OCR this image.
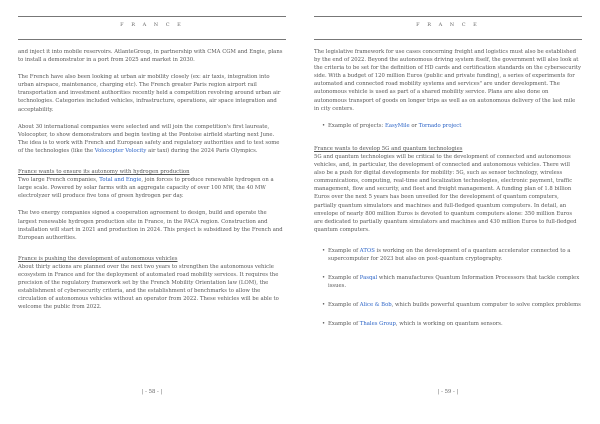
F R A N C E

and inject it into mobile reservoirs. AtlanteGroup, in partnership with CMA CGM and Engie, plans to install a demonstrator in a port from 2025 and market in 2030.

The French have also been looking at urban air mobility closely (ex: air taxis, integration into urban airspace, maintenance, charging etc). The French greater Paris region airport rail transportation and investment authorities recently held a competition revolving around urban air technologies. Categories included vehicles, infrastructure, operations, air space integration and acceptability.

About 30 international companies were selected and will join the competition's first laureate, Volocopter, to show demonstrators and begin testing at the Pontoise airfield starting next June. The idea is to work with French and European safety and regulatory authorities and to test some of the technologies (like the Volocopter Volocity air taxi) during the 2024 Paris Olympics.

France wants to ensure its autonomy with hydrogen production

Two large French companies, Total and Engie, join forces to produce renewable hydrogen on a large scale. Powered by solar farms with an aggregate capacity of over 100 MW, the 40 MW electrolyzer will produce five tons of green hydrogen per day.

The two energy companies signed a cooperation agreement to design, build and operate the largest renewable hydrogen production site in France, in the PACA region. Construction and installation will start in 2021 and production in 2024. This project is subsidized by the French and European authorities.

France is pushing the development of autonomous vehicles

About thirty actions are planned over the next two years to strengthen the autonomous vehicle ecosystem in France and for the deployment of automated road mobility services. It requires the precision of the regulatory framework set by the French Mobility Orientation law (LOM), the establishment of cybersecurity criteria, and the establishment of benchmarks to allow the circulation of autonomous vehicles without an operator from 2022. These vehicles will be able to welcome the public from 2022.

| - 58 - |
F R A N C E

The legislative framework for use cases concerning freight and logistics must also be established by the end of 2022. Beyond the autonomous driving system itself, the government will also look at the criteria to be set for the definition of HD cards and certification standards on the cybersecurity side. With a budget of 120 million Euros (public and private funding), a series of experiments for automated and connected road mobility systems and services" are under development. The autonomous vehicle is used as part of a shared mobility service. Plans are also done on autonomous transport of goods on longer trips as well as on autonomous delivery of the last mile in city centers.

• Example of projects: EasyMile or Tornado project
France wants to develop 5G and quantum technologies

5G and quantum technologies will be critical to the development of connected and autonomous vehicles, and, in particular, the development of connected and autonomous vehicles. There will also be a push for digital developments for mobility: 5G, such as sensor technology, wireless communications, computing, real-time and localization technologies, electronic payment, traffic management, flow and security, and fleet and freight management. A funding plan of 1.8 billion Euros over the next 5 years has been unveiled for the development of quantum computers, partially quantum simulators and machines and full-fledged quantum computers. In detail, an envelope of nearly 800 million Euros is devoted to quantum computers alone: 350 million Euros are dedicated to partially quantum simulators and machines and 430 million Euros to full-fledged quantum computers.

• Example of ATOS is working on the development of a quantum accelerator connected to a supercomputer for 2023 but also on post-quantum cryptography.
• Example of Pasqal which manufactures Quantum Information Processors that tackle complex issues.
• Example of Alice & Bob, which builds powerful quantum computer to solve complex problems
• Example of Thales Group, which is working on quantum sensors.
| - 59 - |
